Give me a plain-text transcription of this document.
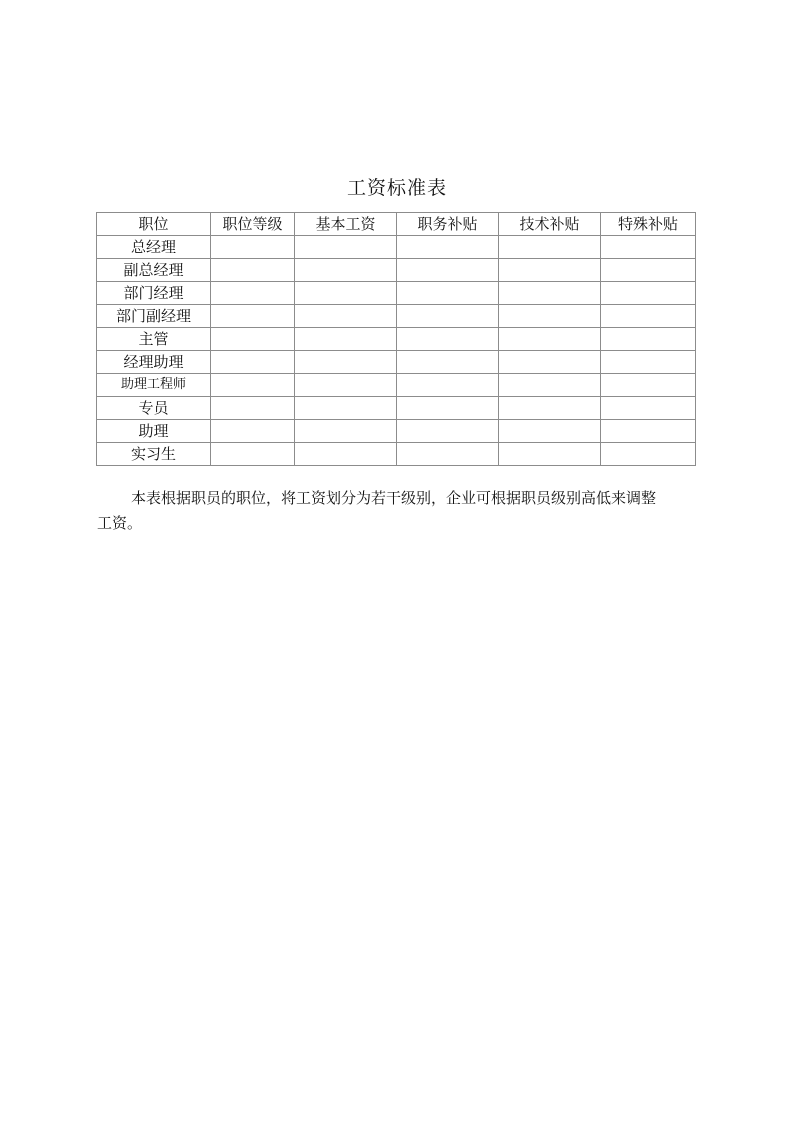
工资标准表
职位	职位等级	基本工资	职务补贴	技术补贴	特殊补贴
总经理					
副总经理					
部门经理					
部门副经理					
主管					
经理助理					
助理工程师					
专员					
助理					
实习生					
本表根据职员的职位，将工资划分为若干级别，企业可根据职员级别高低来调整
工资。
